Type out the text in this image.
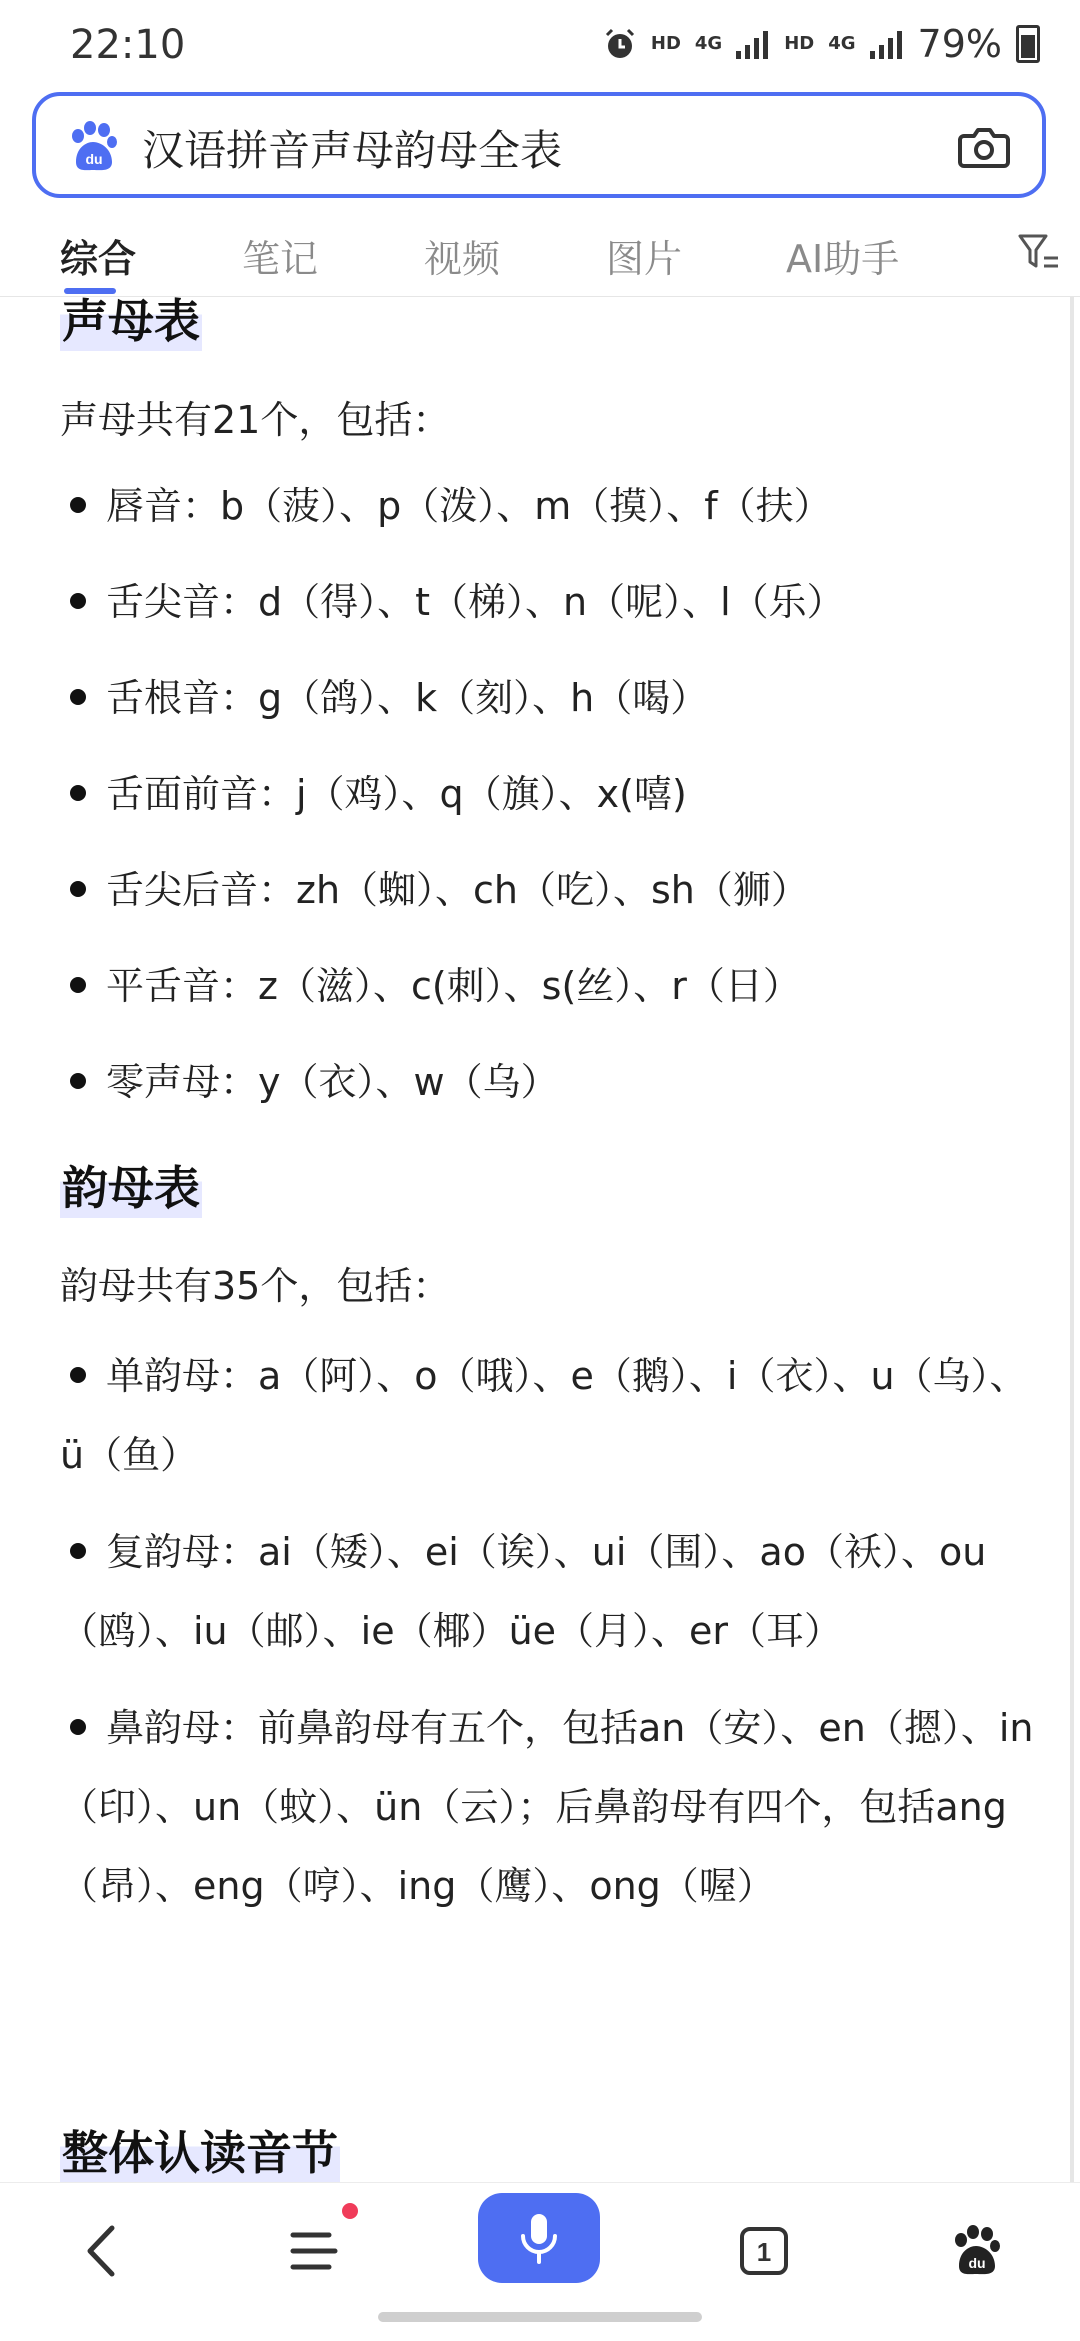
22:10	HD 4G	HD 4G 79%
du 汉语拼音声母韵母全表
综合	笔记	视频	图片	AI助手
声母表
声母共有21个，包括：
唇音：b（菠）、p（泼）、m（摸）、f（扶）
舌尖音：d（得）、t（梯）、n（呢）、l（乐）
舌根音：g（鸽）、k（刻）、h（喝）
舌面前音：j（鸡）、q（旗）、x(嘻)
舌尖后音：zh（蜘）、ch（吃）、sh（狮）
平舌音：z（滋）、c(刺）、s(丝）、r（日）
零声母：y（衣）、w（乌）
韵母表
韵母共有35个，包括：
单韵母：a（阿）、o（哦）、e（鹅）、i（衣）、u（乌）、ü（鱼）
复韵母：ai（矮）、ei（诶）、ui（围）、ao（袄）、ou（鸥）、iu（邮）、ie（椰）üe（月）、er（耳）
鼻韵母：前鼻韵母有五个，包括an（安）、en（摁）、in（印）、un（蚊）、ün（云）；后鼻韵母有四个，包括ang（昂）、eng（哼）、ing（鹰）、ong（喔）
整体认读音节
1	du
